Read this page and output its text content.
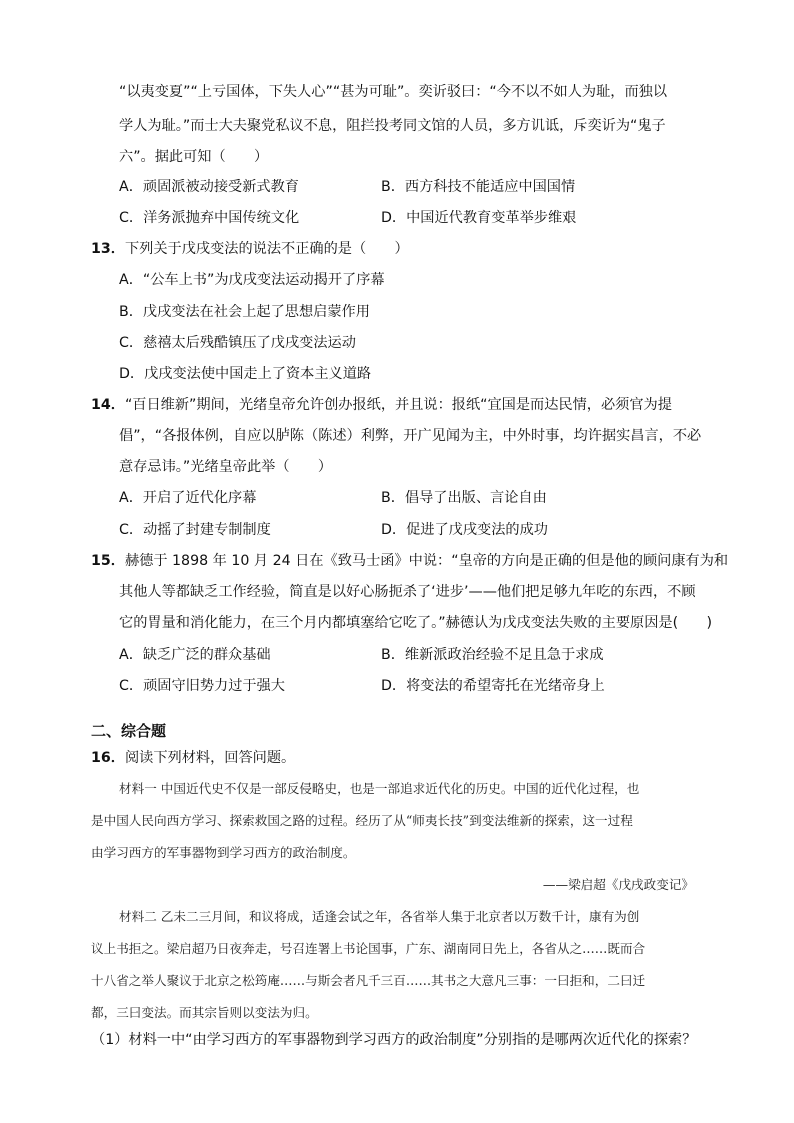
“以夷变夏”“上亏国体，下失人心”“甚为可耻”。奕䜣驳曰：“今不以不如人为耻，而独以
学人为耻。”而士大夫聚党私议不息，阻拦投考同文馆的人员，多方讥诋，斥奕䜣为“鬼子
六”。据此可知（　　）
A．顽固派被动接受新式教育	B．西方科技不能适应中国国情
C．洋务派抛弃中国传统文化	D．中国近代教育变革举步维艰
13．下列关于戊戌变法的说法不正确的是（　　）
A．“公车上书”为戊戌变法运动揭开了序幕
B．戊戌变法在社会上起了思想启蒙作用
C．慈禧太后残酷镇压了戊戌变法运动
D．戊戌变法使中国走上了资本主义道路
14．“百日维新”期间，光绪皇帝允许创办报纸，并且说：报纸“宜国是而达民情，必须官为提
倡”，“各报体例，自应以胪陈（陈述）利弊，开广见闻为主，中外时事，均许据实昌言，不必
意存忌讳。”光绪皇帝此举（　　）
A．开启了近代化序幕	B．倡导了出版、言论自由
C．动摇了封建专制制度	D．促进了戊戌变法的成功
15．赫德于 1898 年 10 月 24 日在《致马士函》中说：“皇帝的方向是正确的但是他的顾问康有为和
其他人等都缺乏工作经验，简直是以好心肠扼杀了‘进步’——他们把足够九年吃的东西，不顾
它的胃量和消化能力，在三个月内都填塞给它吃了。”赫德认为戊戌变法失败的主要原因是(　　)
A．缺乏广泛的群众基础	B．维新派政治经验不足且急于求成
C．顽固守旧势力过于强大	D．将变法的希望寄托在光绪帝身上
二、综合题
16．阅读下列材料，回答问题。
材料一 中国近代史不仅是一部反侵略史，也是一部追求近代化的历史。中国的近代化过程，也
是中国人民向西方学习、探索救国之路的过程。经历了从“师夷长技”到变法维新的探索，这一过程
由学习西方的军事器物到学习西方的政治制度。
——梁启超《戊戌政变记》
材料二 乙未二三月间，和议将成，适逢会试之年，各省举人集于北京者以万数千计，康有为创
议上书拒之。梁启超乃日夜奔走，号召连署上书论国事，广东、湖南同日先上，各省从之……既而合
十八省之举人聚议于北京之松筠庵……与斯会者凡千三百……其书之大意凡三事：一曰拒和，二曰迁
都，三曰变法。而其宗旨则以变法为归。
（1）材料一中“由学习西方的军事器物到学习西方的政治制度”分别指的是哪两次近代化的探索？
